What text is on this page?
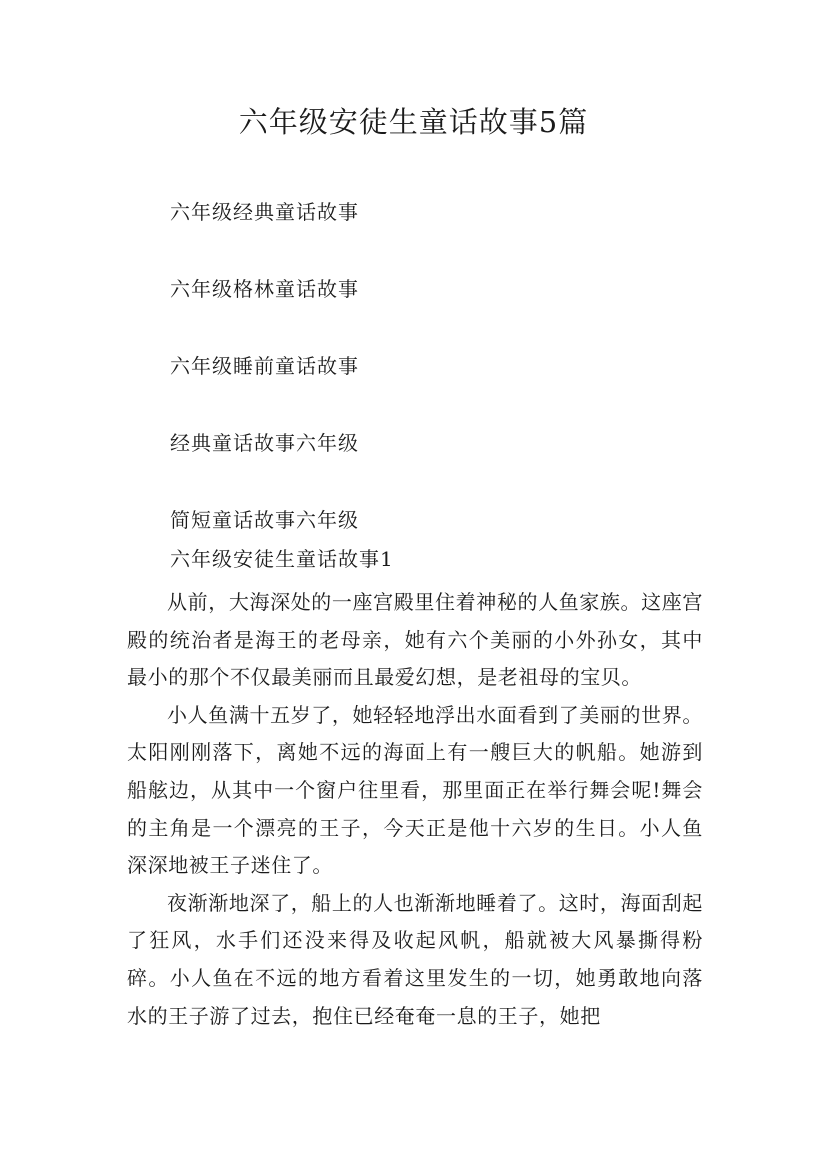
六年级安徒生童话故事5篇

六年级经典童话故事

六年级格林童话故事

六年级睡前童话故事

经典童话故事六年级

简短童话故事六年级

六年级安徒生童话故事1

从前，大海深处的一座宫殿里住着神秘的人鱼家族。这座宫殿的统治者是海王的老母亲，她有六个美丽的小外孙女，其中最小的那个不仅最美丽而且最爱幻想，是老祖母的宝贝。

小人鱼满十五岁了，她轻轻地浮出水面看到了美丽的世界。太阳刚刚落下，离她不远的海面上有一艘巨大的帆船。她游到船舷边，从其中一个窗户往里看，那里面正在举行舞会呢!舞会的主角是一个漂亮的王子，今天正是他十六岁的生日。小人鱼深深地被王子迷住了。

夜渐渐地深了，船上的人也渐渐地睡着了。这时，海面刮起了狂风，水手们还没来得及收起风帆，船就被大风暴撕得粉碎。小人鱼在不远的地方看着这里发生的一切，她勇敢地向落水的王子游了过去，抱住已经奄奄一息的王子，她把
